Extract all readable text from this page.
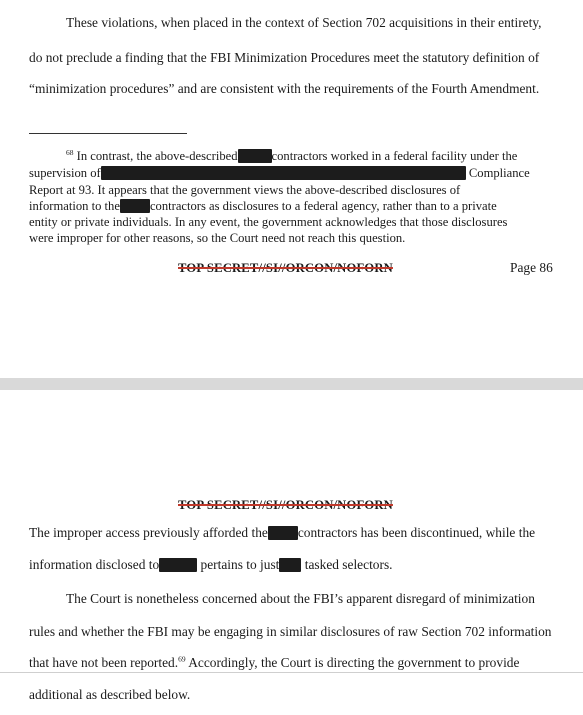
These violations, when placed in the context of Section 702 acquisitions in their entirety,
do not preclude a finding that the FBI Minimization Procedures meet the statutory definition of
“minimization procedures” and are consistent with the requirements of the Fourth Amendment.
$^{68}$ In contrast, the above-described	contractors worked in a federal facility under the
supervision of	Compliance
Report at 93. It appears that the government views the above-described disclosures of
information to the contractors as disclosures to a federal agency, rather than to a private
entity or private individuals. In any event, the government acknowledges that those disclosures
were improper for other reasons, so the Court need not reach this question.
TOP SECRET//SI//ORCON/NOFORN	Page 86
TOP SECRET//SI//ORCON/NOFORN
The improper access previously afforded the contractors has been discontinued, while the
information disclosed to	pertains to just tasked selectors.
The Court is nonetheless concerned about the FBI’s apparent disregard of minimization
rules and whether the FBI may be engaging in similar disclosures of raw Section 702 information
that have not been reported.$^{69}$ Accordingly, the Court is directing the government to provide
additional as described below.
